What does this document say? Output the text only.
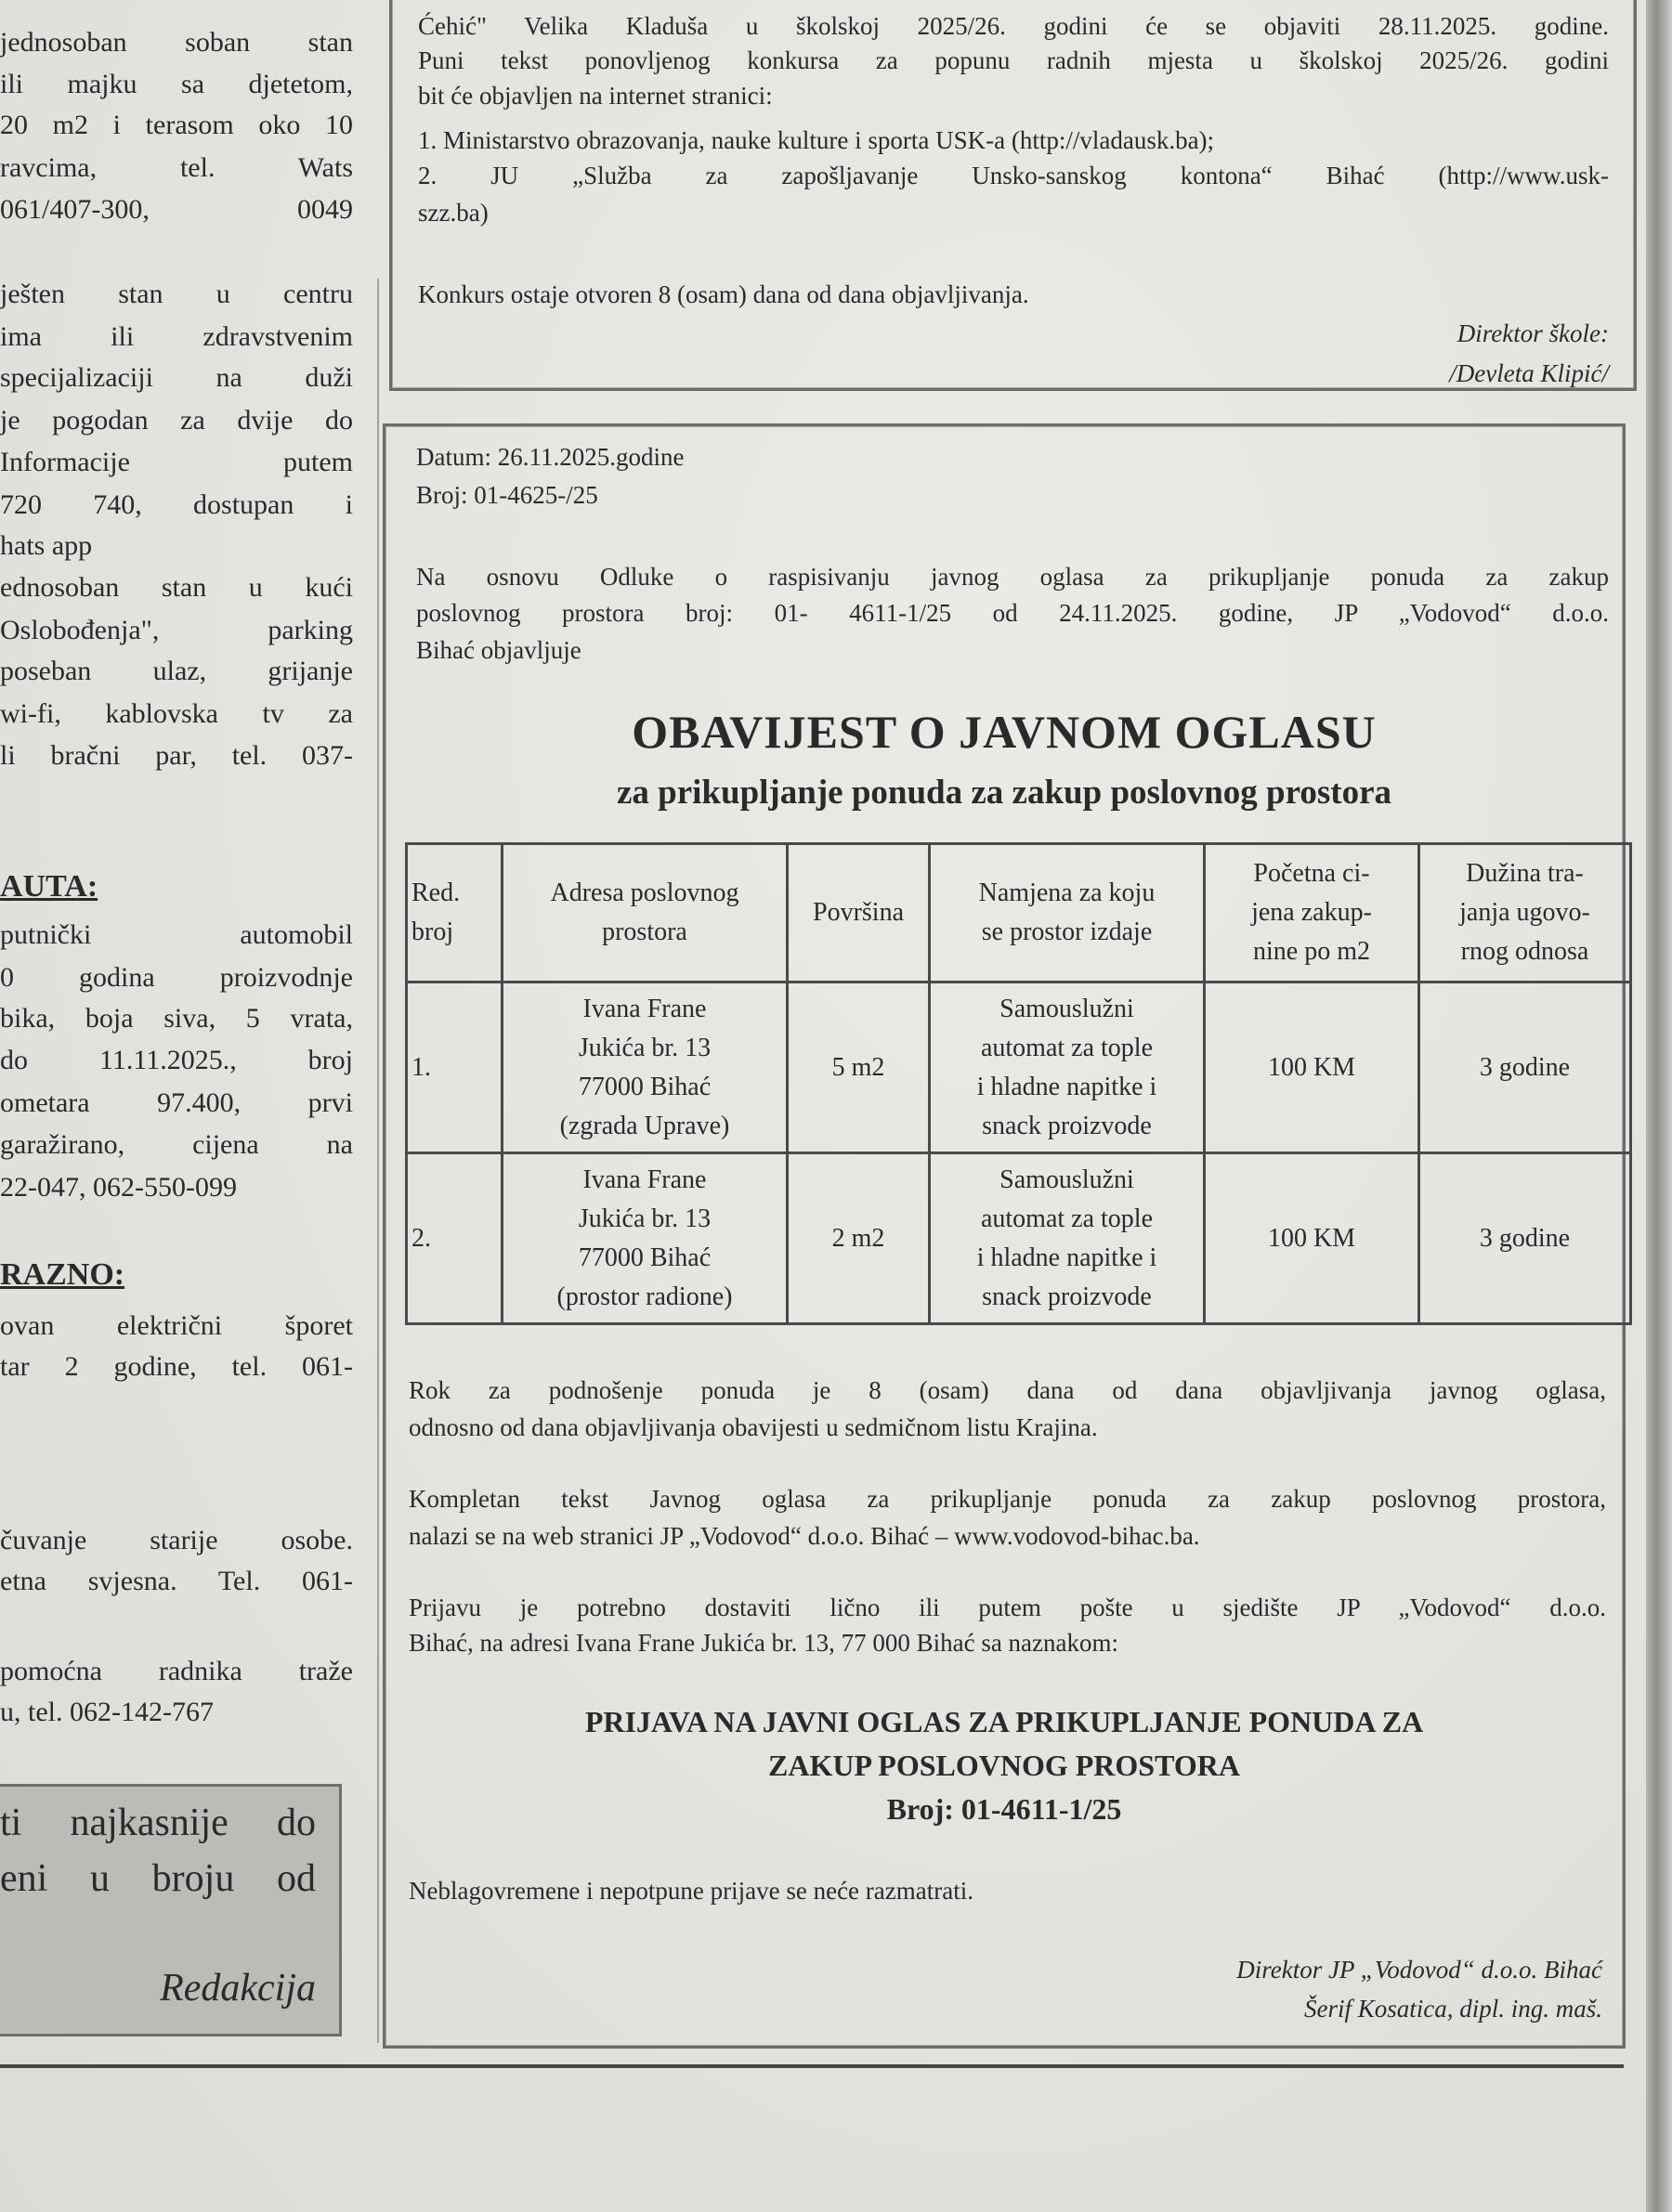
jednosoban soban stan
ili majku sa djetetom,
20 m2 i terasom oko 10
ravcima, tel. Wats
061/407-300, 0049
ješten stan u centru
ima ili zdravstvenim
specijalizaciji na duži
je pogodan za dvije do
Informacije putem
720 740, dostupan i
hats app
ednosoban stan u kući
Oslobođenja", parking
poseban ulaz, grijanje
wi-fi, kablovska tv za
li bračni par, tel. 037-
AUTA:
putnički automobil
0 godina proizvodnje
bika, boja siva, 5 vrata,
do 11.11.2025., broj
ometara 97.400, prvi
garažirano, cijena na
22-047, 062-550-099
RAZNO:
ovan električni šporet
tar 2 godine, tel. 061-
čuvanje starije osobe.
etna svjesna. Tel. 061-
pomoćna radnika traže
u, tel. 062-142-767
ti najkasnije do
eni u broju od
Redakcija
Ćehić" Velika Kladuša u školskoj 2025/26. godini će se objaviti 28.11.2025. godine.
Puni tekst ponovljenog konkursa za popunu radnih mjesta u školskoj 2025/26. godini
bit će objavljen na internet stranici:
1. Ministarstvo obrazovanja, nauke kulture i sporta USK-a (http://vladausk.ba);
2. JU „Služba za zapošljavanje Unsko-sanskog kontona“ Bihać (http://www.usk-
szz.ba)
Konkurs ostaje otvoren 8 (osam) dana od dana objavljivanja.
Direktor škole:
/Devleta Klipić/
Datum: 26.11.2025.godine
Broj: 01-4625-/25
Na osnovu Odluke o raspisivanju javnog oglasa za prikupljanje ponuda za zakup
poslovnog prostora broj: 01- 4611-1/25 od 24.11.2025. godine, JP „Vodovod“ d.o.o.
Bihać objavljuje
OBAVIJEST O JAVNOM OGLASU
za prikupljanje ponuda za zakup poslovnog prostora
Red.
broj	Adresa poslovnog
prostora	Površina	Namjena za koju
se prostor izdaje	Početna ci-
jena zakup-
nine po m2	Dužina tra-
janja ugovo-
rnog odnosa
1.	Ivana Frane
Jukića br. 13
77000 Bihać
(zgrada Uprave)	5 m2	Samouslužni
automat za tople
i hladne napitke i
snack proizvode	100 KM	3 godine
2.	Ivana Frane
Jukića br. 13
77000 Bihać
(prostor radione)	2 m2	Samouslužni
automat za tople
i hladne napitke i
snack proizvode	100 KM	3 godine
Rok za podnošenje ponuda je 8 (osam) dana od dana objavljivanja javnog oglasa,
odnosno od dana objavljivanja obavijesti u sedmičnom listu Krajina.
Kompletan tekst Javnog oglasa za prikupljanje ponuda za zakup poslovnog prostora,
nalazi se na web stranici JP „Vodovod“ d.o.o. Bihać – www.vodovod-bihac.ba.
Prijavu je potrebno dostaviti lično ili putem pošte u sjedište JP „Vodovod“ d.o.o.
Bihać, na adresi Ivana Frane Jukića br. 13, 77 000 Bihać sa naznakom:
PRIJAVA NA JAVNI OGLAS ZA PRIKUPLJANJE PONUDA ZA
ZAKUP POSLOVNOG PROSTORA
Broj: 01-4611-1/25
Neblagovremene i nepotpune prijave se neće razmatrati.
Direktor JP „Vodovod“ d.o.o. Bihać
Šerif Kosatica, dipl. ing. maš.
